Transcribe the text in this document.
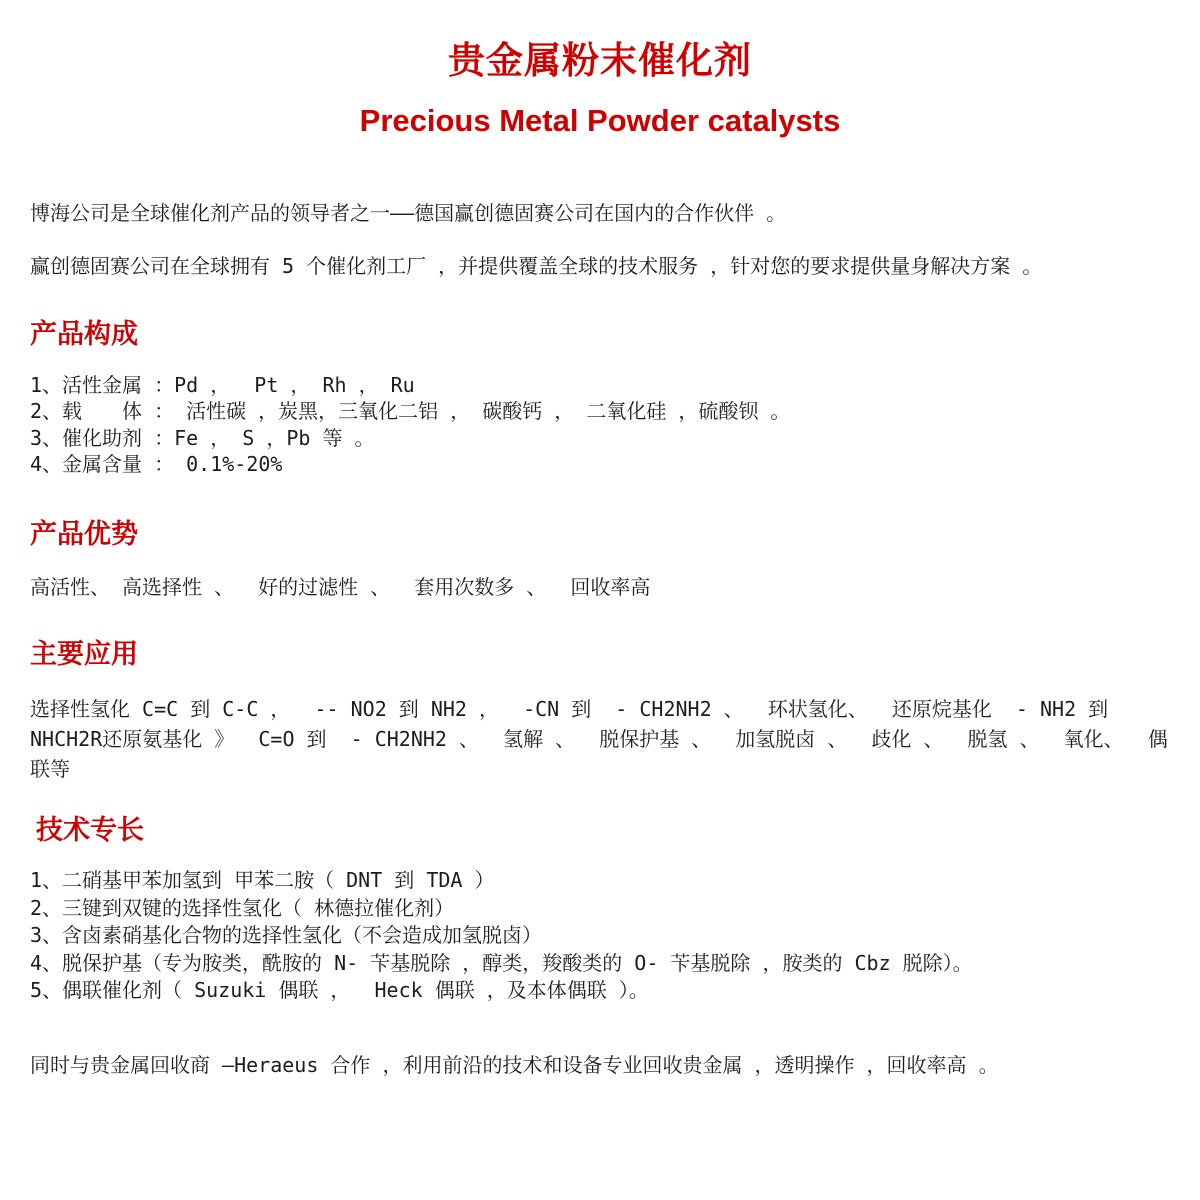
贵金属粉末催化剂
Precious Metal Powder catalysts

博海公司是全球催化剂产品的领导者之一——德国赢创德固赛公司在国内的合作伙伴 。

赢创德固赛公司在全球拥有 5 个催化剂工厂 ，并提供覆盖全球的技术服务 ，针对您的要求提供量身解决方案 。

产品构成

1、活性金属 ：Pd ，  Pt ， Rh ， Ru

2、载　　体 ： 活性碳 ，炭黑，三氧化二铝 ， 碳酸钙 ， 二氧化硅 ，硫酸钡 。

3、催化助剂 ：Fe ， S ，Pb 等 。

4、金属含量 ： 0.1%-20%

产品优势

高活性、 高选择性 、  好的过滤性 、  套用次数多 、  回收率高

主要应用

选择性氢化 C=C 到 C-C ，  -- NO2 到 NH2 ，  -CN 到  - CH2NH2 、  环状氢化、  还原烷基化  - NH2 到 NHCH2R还原氨基化 》  C=O 到  - CH2NH2 、  氢解 、  脱保护基 、  加氢脱卤 、  歧化 、  脱氢 、  氧化、  偶联等

技术专长

1、二硝基甲苯加氢到 甲苯二胺（ DNT 到 TDA ）

2、三键到双键的选择性氢化（ 林德拉催化剂）

3、含卤素硝基化合物的选择性氢化（不会造成加氢脱卤）

4、脱保护基（专为胺类，酰胺的 N- 苄基脱除 ，醇类，羧酸类的 O- 苄基脱除 ，胺类的 Cbz 脱除）。

5、偶联催化剂（ Suzuki 偶联 ，  Heck 偶联 ，及本体偶联 ）。

同时与贵金属回收商 —Heraeus 合作 ，利用前沿的技术和设备专业回收贵金属 ，透明操作 ，回收率高 。
